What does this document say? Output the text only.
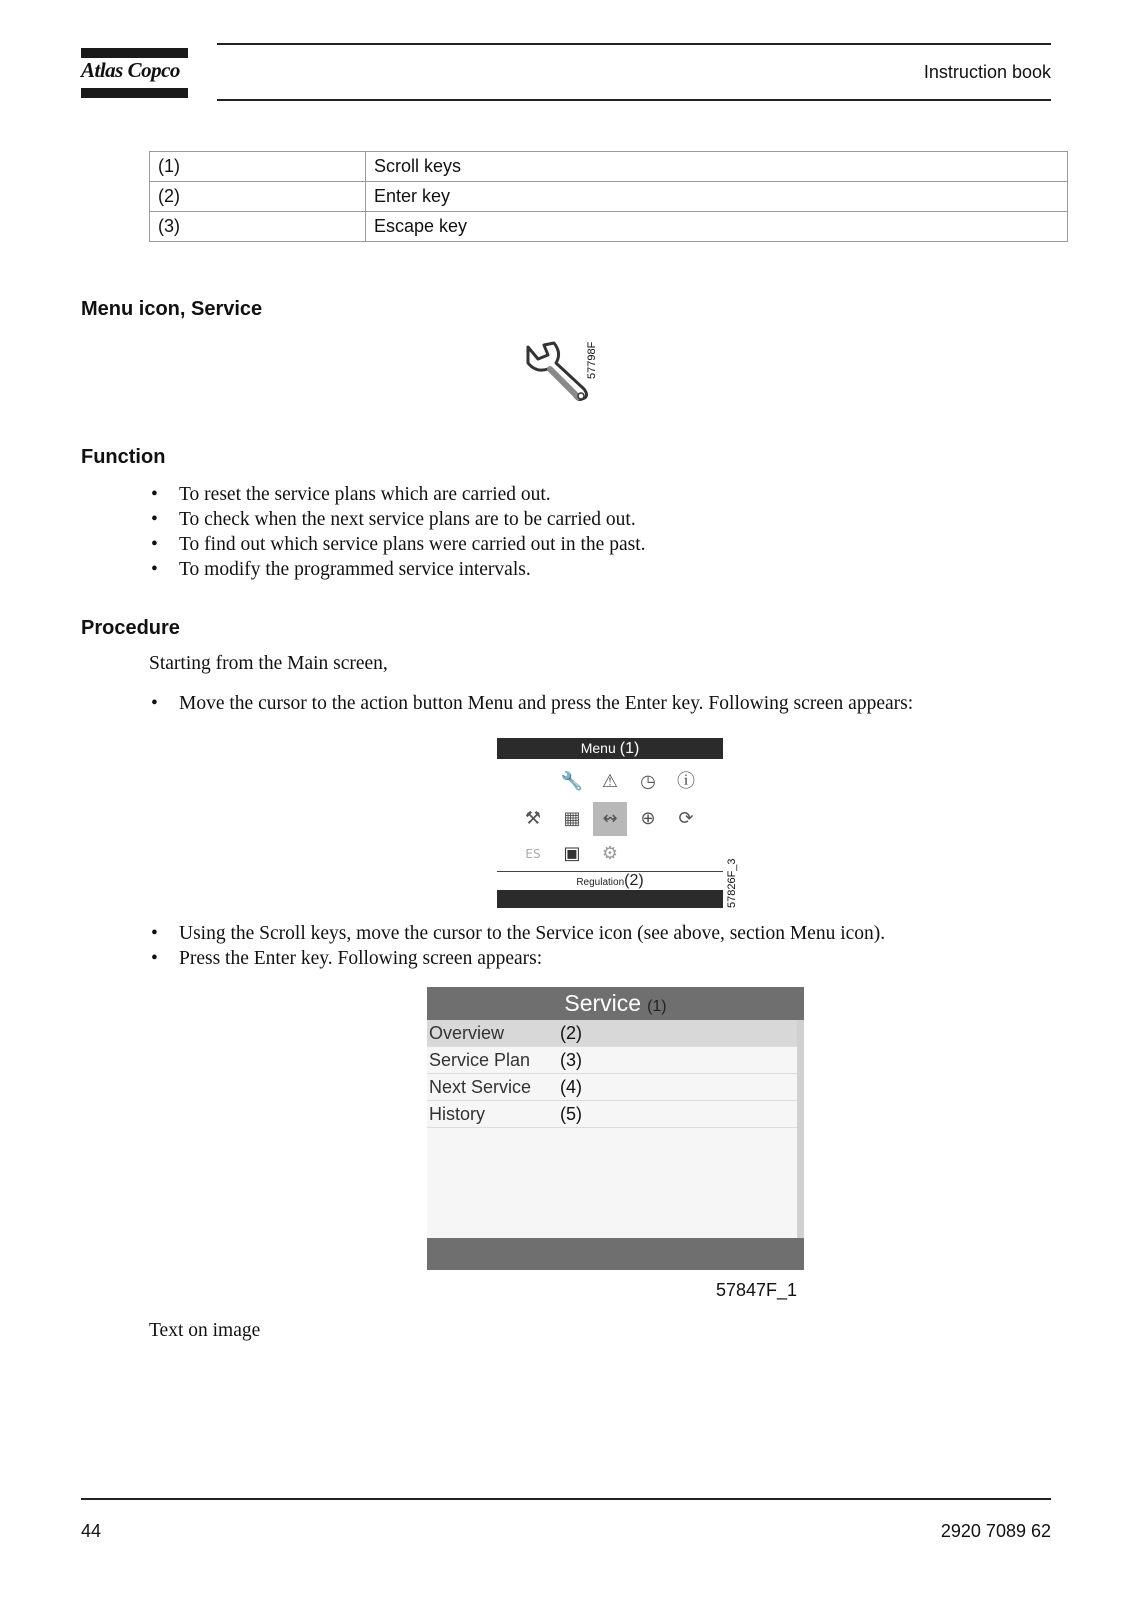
Atlas Copco	Instruction book
(1)	Scroll keys
(2)	Enter key
(3)	Escape key
Menu icon, Service
57798F
Function
• To reset the service plans which are carried out.
• To check when the next service plans are to be carried out.
• To find out which service plans were carried out in the past.
• To modify the programmed service intervals.
Procedure
Starting from the Main screen,
• Move the cursor to the action button Menu and press the Enter key. Following screen appears:
Menu (1)
🔧 ⚠ ◷ ⓘ
⚒ ▦	↭	⊕ ⟳
ES ▣ ⚙
Regulation(2)	57826F_3
• Using the Scroll keys, move the cursor to the Service icon (see above, section Menu icon).
• Press the Enter key. Following screen appears:
Service (1)
Overview	(2)
Service Plan (3)
Next Service (4)
History	(5)
57847F_1
Text on image
44	2920 7089 62
